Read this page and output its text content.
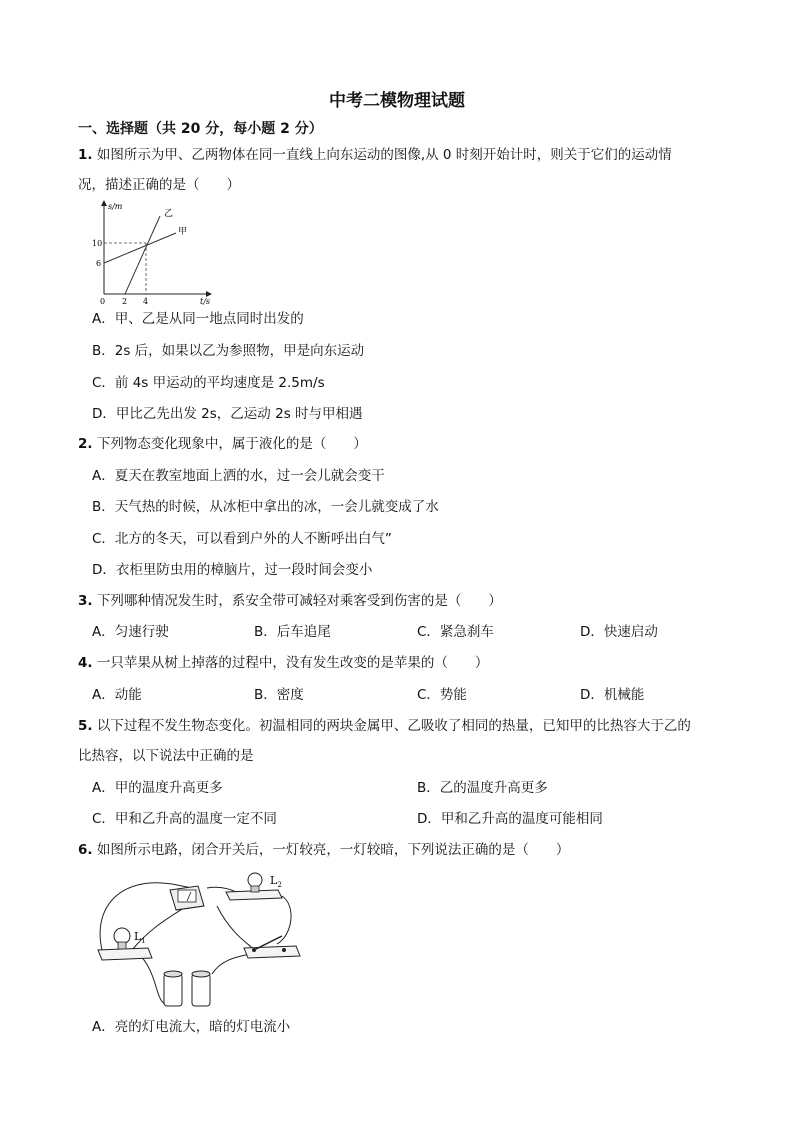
中考二模物理试题
一、选择题（共 20 分，每小题 2 分）
1. 如图所示为甲、乙两物体在同一直线上向东运动的图像,从 0 时刻开始计时，则关于它们的运动情
况，描述正确的是（　　）
s/m
t/s
10
6
0 2 4
乙
甲
A．甲、乙是从同一地点同时出发的
B．2s 后，如果以乙为参照物，甲是向东运动
C．前 4s 甲运动的平均速度是 2.5m/s
D．甲比乙先出发 2s，乙运动 2s 时与甲相遇
2. 下列物态变化现象中，属于液化的是（　　）
A．夏天在教室地面上洒的水，过一会儿就会变干
B．天气热的时候，从冰柜中拿出的冰，一会儿就变成了水
C．北方的冬天，可以看到户外的人不断呼出白气”
D．衣柜里防虫用的樟脑片，过一段时间会变小
3. 下列哪种情况发生时，系安全带可减轻对乘客受到伤害的是（　　）
A．匀速行驶	B．后车追尾	C．紧急刹车	D．快速启动
4. 一只苹果从树上掉落的过程中，没有发生改变的是苹果的（　　）
A．动能	B．密度	C．势能	D．机械能
5. 以下过程不发生物态变化。初温相同的两块金属甲、乙吸收了相同的热量，已知甲的比热容大于乙的
比热容，以下说法中正确的是
A．甲的温度升高更多	B．乙的温度升高更多
C．甲和乙升高的温度一定不同	D．甲和乙升高的温度可能相同
6. 如图所示电路，闭合开关后，一灯较亮，一灯较暗，下列说法正确的是（　　）
$L_2$
$L_1$
A．亮的灯电流大，暗的灯电流小
